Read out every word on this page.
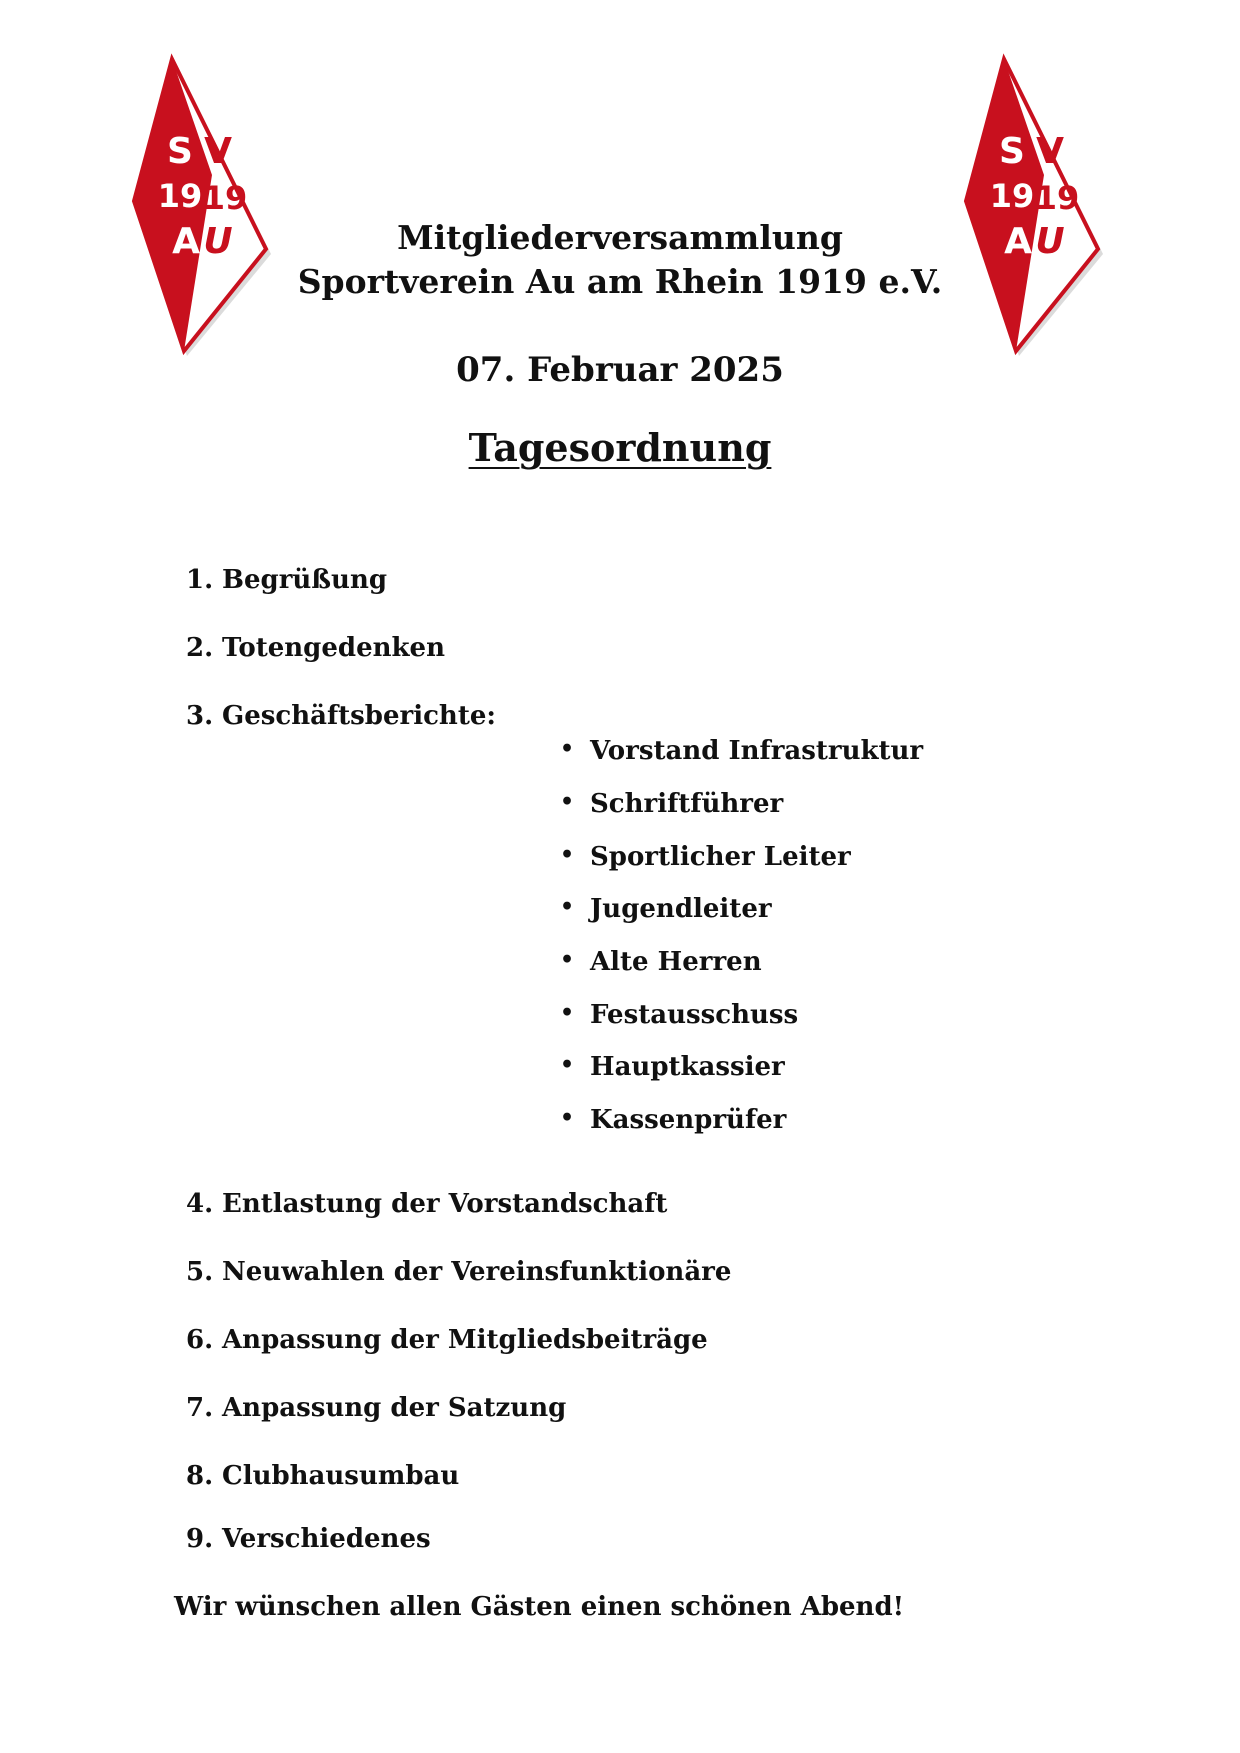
S V
19 19
A U
S V
19 19
A U
Mitgliederversammlung
Sportverein Au am Rhein 1919 e.V.
07. Februar 2025
Tagesordnung
1. Begrüßung
2. Totengedenken
3. Geschäftsberichte:
• Vorstand Infrastruktur
• Schriftführer
• Sportlicher Leiter
• Jugendleiter
• Alte Herren
• Festausschuss
• Hauptkassier
• Kassenprüfer
4. Entlastung der Vorstandschaft
5. Neuwahlen der Vereinsfunktionäre
6. Anpassung der Mitgliedsbeiträge
7. Anpassung der Satzung
8. Clubhausumbau
9. Verschiedenes
Wir wünschen allen Gästen einen schönen Abend!
